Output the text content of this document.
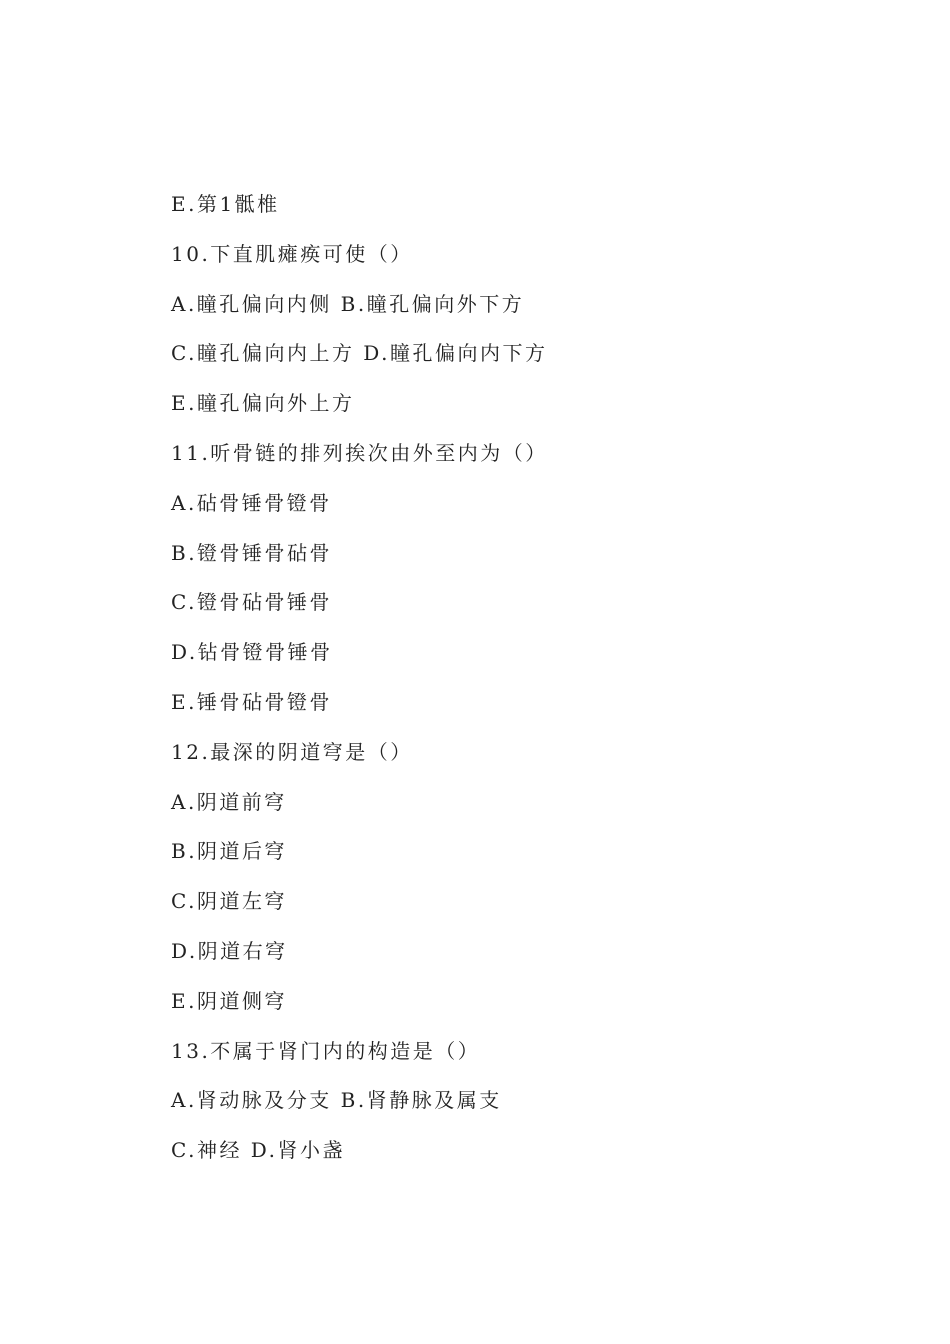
E.第1骶椎
10.下直肌瘫痪可使（）
A.瞳孔偏向内侧 B.瞳孔偏向外下方
C.瞳孔偏向内上方 D.瞳孔偏向内下方
E.瞳孔偏向外上方
11.听骨链的排列挨次由外至内为（）
A.砧骨锤骨镫骨
B.镫骨锤骨砧骨
C.镫骨砧骨锤骨
D.钻骨镫骨锤骨
E.锤骨砧骨镫骨
12.最深的阴道穹是（）
A.阴道前穹
B.阴道后穹
C.阴道左穹
D.阴道右穹
E.阴道侧穹
13.不属于肾门内的构造是（）
A.肾动脉及分支 B.肾静脉及属支
C.神经 D.肾小盏
